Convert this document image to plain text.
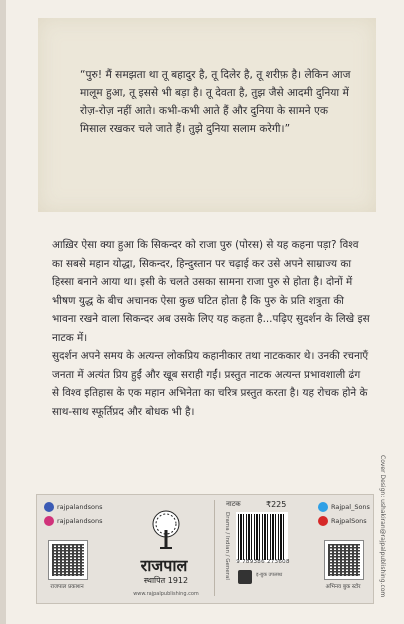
“पुरु! मैं समझता था तू बहादुर है, तू दिलेर है, तू शरीफ़ है। लेकिन आज मालूम हुआ, तू इससे भी बड़ा है। तू देवता है, तुझ जैसे आदमी दुनिया में रोज़-रोज़ नहीं आते। कभी-कभी आते हैं और दुनिया के सामने एक मिसाल रखकर चले जाते हैं। तुझे दुनिया सलाम करेगी।”
आख़िर ऐसा क्या हुआ कि सिकन्दर को राजा पुरु (पोरस) से यह कहना पड़ा? विश्व का सबसे महान योद्धा, सिकन्दर, हिन्दुस्तान पर चढ़ाई कर उसे अपने साम्राज्य का हिस्सा बनाने आया था। इसी के चलते उसका सामना राजा पुरु से होता है। दोनों में भीषण युद्ध के बीच अचानक ऐसा कुछ घटित होता है कि पुरु के प्रति शत्रुता की भावना रखने वाला सिकन्दर अब उसके लिए यह कहता है...पढ़िए सुदर्शन के लिखे इस नाटक में।
सुदर्शन अपने समय के अत्यन्त लोकप्रिय कहानीकार तथा नाटककार थे। उनकी रचनाएँ जनता में अत्यंत प्रिय हुईं और खूब सराही गईं। प्रस्तुत नाटक अत्यन्त प्रभावशाली ढंग से विश्व इतिहास के एक महान अभिनेता का चरित्र प्रस्तुत करता है। यह रोचक होने के साथ-साथ स्फूर्तिप्रद और बोधक भी है।
Cover Design: ushakiran@rajpalpublishing.com
rajpalandsons
rajpalandsons
राजपाल प्रकाशन
राजपाल
स्थापित 1912
www.rajpalpublishing.com
नाटक	₹225
Drama / Indian / General 9 789386 273608
इ-बुक उपलब्ध
Rajpal_Sons
RajpalSons
अभिनव बुक स्टोर
